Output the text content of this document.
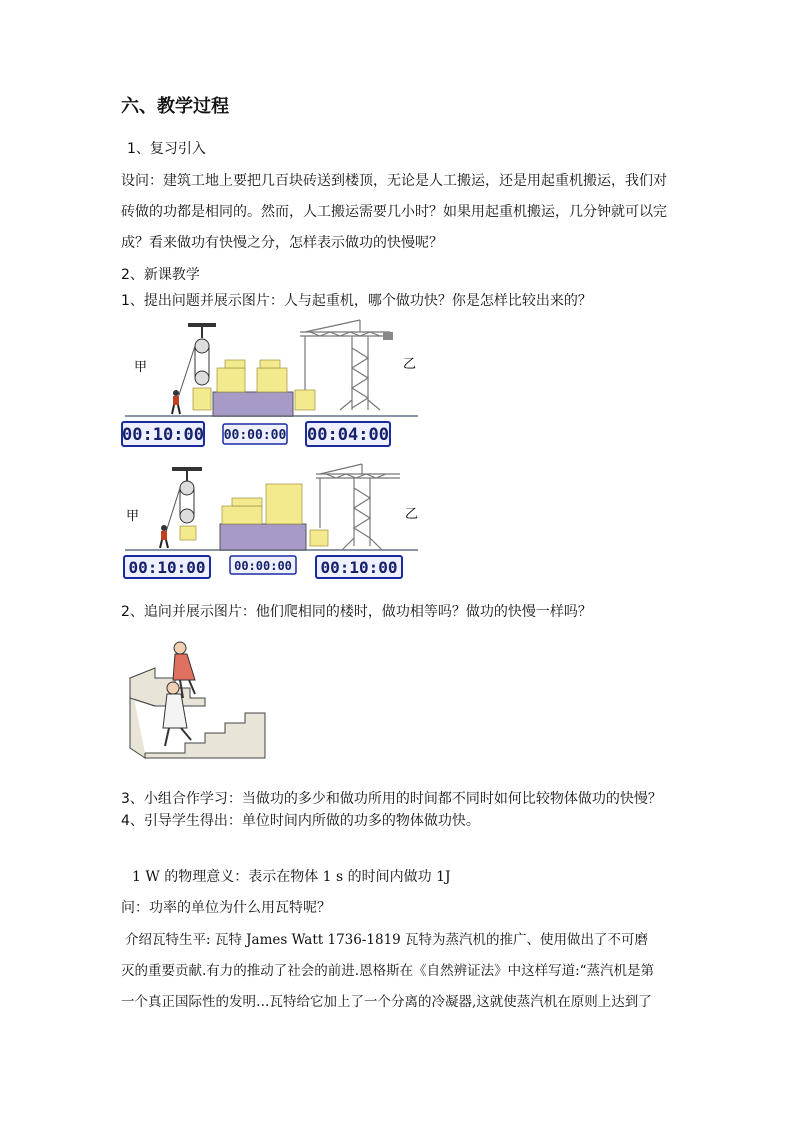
六、教学过程
1、复习引入
设问：建筑工地上要把几百块砖送到楼顶，无论是人工搬运，还是用起重机搬运，我们对
砖做的功都是相同的。然而，人工搬运需要几小时？如果用起重机搬运，几分钟就可以完
成？看来做功有快慢之分，怎样表示做功的快慢呢？
2、新课教学
1、提出问题并展示图片：人与起重机，哪个做功快？你是怎样比较出来的？
甲	乙
00:10:00 00:00:00 00:04:00
甲	乙
00:10:00 00:00:00 00:10:00
2、追问并展示图片：他们爬相同的楼时，做功相等吗？做功的快慢一样吗？
3、小组合作学习：当做功的多少和做功所用的时间都不同时如何比较物体做功的快慢？
4、引导学生得出：单位时间内所做的功多的物体做功快。
1 W 的物理意义：表示在物体 1 s 的时间内做功 1J
问：功率的单位为什么用瓦特呢？
介绍瓦特生平: 瓦特 James Watt 1736-1819 瓦特为蒸汽机的推广、使用做出了不可磨
灭的重要贡献.有力的推动了社会的前进.恩格斯在《自然辨证法》中这样写道:“蒸汽机是第
一个真正国际性的发明…瓦特给它加上了一个分离的冷凝器,这就使蒸汽机在原则上达到了
